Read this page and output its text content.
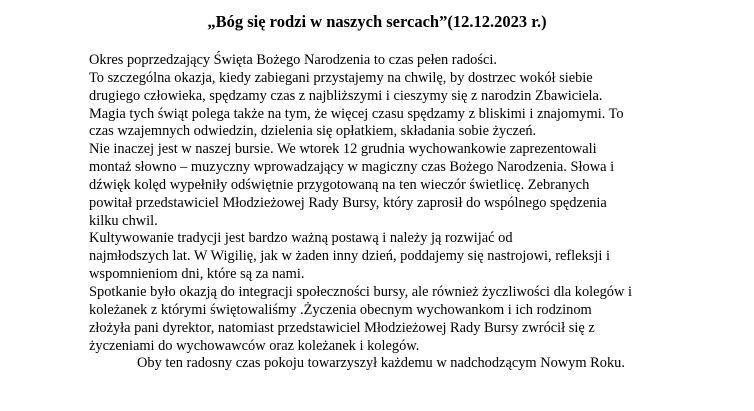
„Bóg się rodzi w naszych sercach”(12.12.2023 r.)
Okres poprzedzający Święta Bożego Narodzenia to czas pełen radości.
To szczególna okazja, kiedy zabiegani przystajemy na chwilę, by dostrzec wokół siebie
drugiego człowieka, spędzamy czas z najbliższymi i cieszymy się z narodzin Zbawiciela.
Magia tych świąt polega także na tym, że więcej czasu spędzamy z bliskimi i znajomymi. To
czas wzajemnych odwiedzin, dzielenia się opłatkiem, składania sobie życzeń.
Nie inaczej jest w naszej bursie. We wtorek 12 grudnia wychowankowie zaprezentowali
montaż słowno – muzyczny wprowadzający w magiczny czas Bożego Narodzenia. Słowa i
dźwięk kolęd wypełniły odświętnie przygotowaną na ten wieczór świetlicę. Zebranych
powitał przedstawiciel Młodzieżowej Rady Bursy, który zaprosił do wspólnego spędzenia
kilku chwil.
Kultywowanie tradycji jest bardzo ważną postawą i należy ją rozwijać od
najmłodszych lat. W Wigilię, jak w żaden inny dzień, poddajemy się nastrojowi, refleksji i
wspomnieniom dni, które są za nami.
Spotkanie było okazją do integracji społeczności bursy, ale również życzliwości dla kolegów i
koleżanek z którymi świętowaliśmy .Życzenia obecnym wychowankom i ich rodzinom
złożyła pani dyrektor, natomiast przedstawiciel Młodzieżowej Rady Bursy zwrócił się z
życzeniami do wychowawców oraz koleżanek i kolegów.
Oby ten radosny czas pokoju towarzyszył każdemu w nadchodzącym Nowym Roku.
